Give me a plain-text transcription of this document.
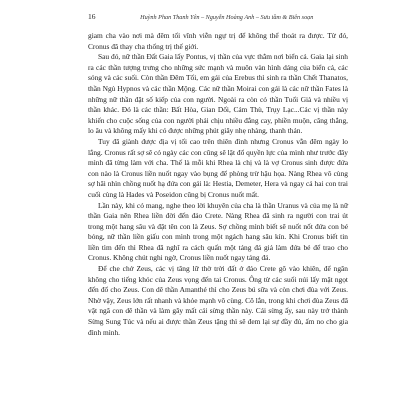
16	Huỳnh Phan Thanh Yên – Nguyễn Hoàng Anh – Sưu tầm & Biên soạn

giam cha vào nơi mà đêm tối vĩnh viễn ngự trị để không thể thoát ra được. Từ đó, Cronus đã thay cha thống trị thế giới.

Sau đó, nữ thần Đất Gaia lấy Pontus, vị thần của vực thẳm nơi biển cả. Gaia lại sinh ra các thần tượng trưng cho những sức mạnh và muôn vàn hình dáng của biển cả, các sóng và các suối. Còn thần Đêm Tối, em gái của Erebus thì sinh ra thần Chết Thanatos, thần Ngủ Hypnos và các thần Mộng. Các nữ thần Moirai con gái là các nữ thần Fates là những nữ thần đặt số kiếp của con người. Ngoài ra còn có thần Tuổi Già và nhiều vị thần khác. Đó là các thần: Bất Hòa, Gian Dối, Cám Thù, Trụy Lạc...Các vị thần này khiến cho cuộc sống của con người phải chịu nhiều đắng cay, phiền muộn, căng thẳng, lo âu và không mấy khi có được những phút giây nhẹ nhàng, thanh thản.

Tuy đã giành được địa vị tối cao trên thiên đình nhưng Cronus vẫn đêm ngày lo lắng. Cronus rất sợ sẽ có ngày các con cũng sẽ lật đổ quyền lực của mình như trước đây mình đã từng làm với cha. Thế là mỗi khi Rhea là chị và là vợ Cronus sinh được đứa con nào là Cronus liền nuốt ngay vào bụng để phòng trừ hậu họa. Nàng Rhea vô cùng sợ hãi nhìn chồng nuốt hạ đứa con gái là: Hestia, Demeter, Hera và ngay cả hai con trai cuối cùng là Hades và Poseidon cũng bị Cronus nuốt mất.

Lần này, khi có mang, nghe theo lời khuyên của cha là thần Uranus và của mẹ là nữ thần Gaia nên Rhea liền đời đến đảo Crete. Nàng Rhea đã sinh ra người con trai út trong một hang sâu và đặt tên con là Zeus. Sợ chồng mình biết sẽ nuốt nốt đứa con bé bỏng, nữ thần liền giấu con mình trong một ngách hang sâu kín. Khi Cronus biết tin liền tìm đến thì Rhea đã nghĩ ra cách quấn một tảng đá giả làm đứa bé để trao cho Cronus. Không chút nghi ngờ, Cronus liền nuốt ngay tảng đá.

Để che chở Zeus, các vị tăng lữ thờ trời đất ở đảo Crete gõ vào khiên, để ngăn không cho tiếng khóc của Zeus vọng đến tai Cronus. Ông từ các suối núi lấy mật ngọt đến đổ cho Zeus. Con dê thần Amanthé thì cho Zeus bú sữa và còn chơi đùa với Zeus. Nhờ vậy, Zeus lớn rất nhanh và khỏe mạnh vô cùng. Cô lắn, trong khi chơi đùa Zeus đã vật ngã con dê thần và làm gãy mất cái sừng thần này. Cái sừng ấy, sau này trở thành Sừng Sung Túc và nếu ai được thần Zeus tặng thì sẽ đem lại sự đầy đủ, ấm no cho gia đình mình.
